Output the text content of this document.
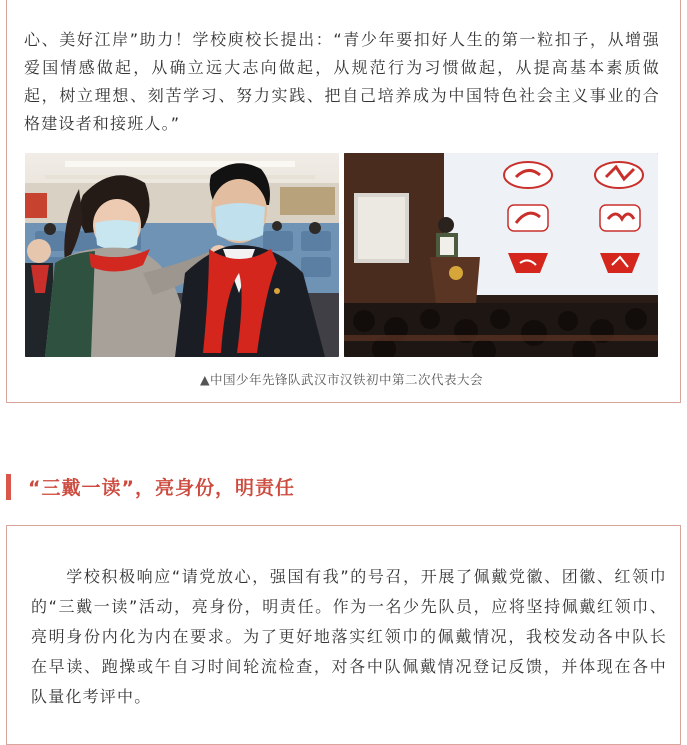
心、美好江岸”助力！学校庾校长提出：“青少年要扣好人生的第一粒扣子，从增强爱国情感做起，从确立远大志向做起，从规范行为习惯做起，从提高基本素质做起，树立理想、刻苦学习、努力实践、把自己培养成为中国特色社会主义事业的合格建设者和接班人。”
▲中国少年先锋队武汉市汉铁初中第二次代表大会
“三戴一读”，亮身份，明责任
学校积极响应“请党放心，强国有我”的号召，开展了佩戴党徽、团徽、红领巾的“三戴一读”活动，亮身份，明责任。作为一名少先队员，应将坚持佩戴红领巾、亮明身份内化为内在要求。为了更好地落实红领巾的佩戴情况，我校发动各中队长在早读、跑操或午自习时间轮流检查，对各中队佩戴情况登记反馈，并体现在各中队量化考评中。
